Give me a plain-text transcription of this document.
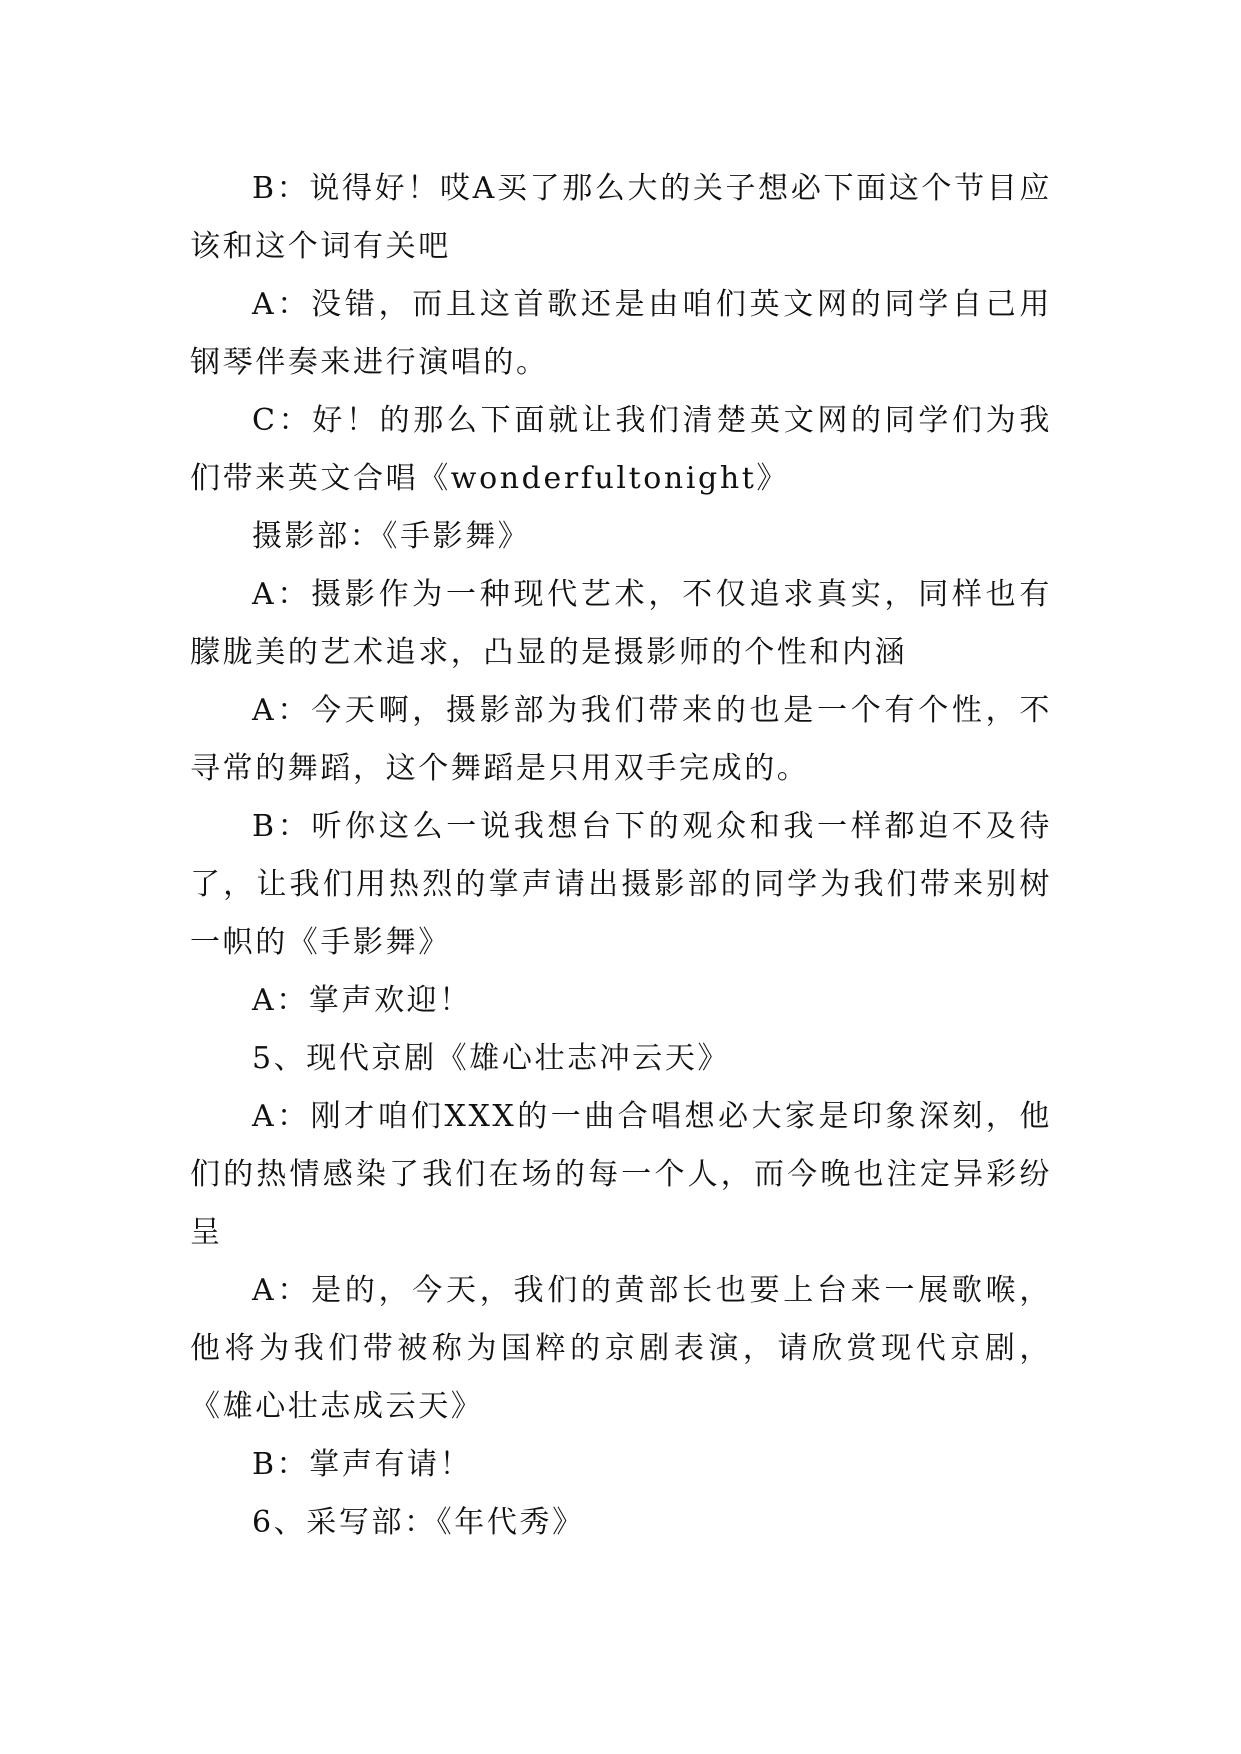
B：说得好！哎A买了那么大的关子想必下面这个节目应该和这个词有关吧

A：没错，而且这首歌还是由咱们英文网的同学自己用钢琴伴奏来进行演唱的。

C：好！的那么下面就让我们清楚英文网的同学们为我们带来英文合唱《wonderfultonight》

摄影部：《手影舞》

A：摄影作为一种现代艺术，不仅追求真实，同样也有朦胧美的艺术追求，凸显的是摄影师的个性和内涵

A：今天啊，摄影部为我们带来的也是一个有个性，不寻常的舞蹈，这个舞蹈是只用双手完成的。

B：听你这么一说我想台下的观众和我一样都迫不及待了，让我们用热烈的掌声请出摄影部的同学为我们带来别树一帜的《手影舞》

A：掌声欢迎！

5、现代京剧《雄心壮志冲云天》

A：刚才咱们XXX的一曲合唱想必大家是印象深刻，他们的热情感染了我们在场的每一个人，而今晚也注定异彩纷呈

A：是的，今天，我们的黄部长也要上台来一展歌喉，他将为我们带被称为国粹的京剧表演，请欣赏现代京剧，《雄心壮志成云天》

B：掌声有请！

6、采写部：《年代秀》
